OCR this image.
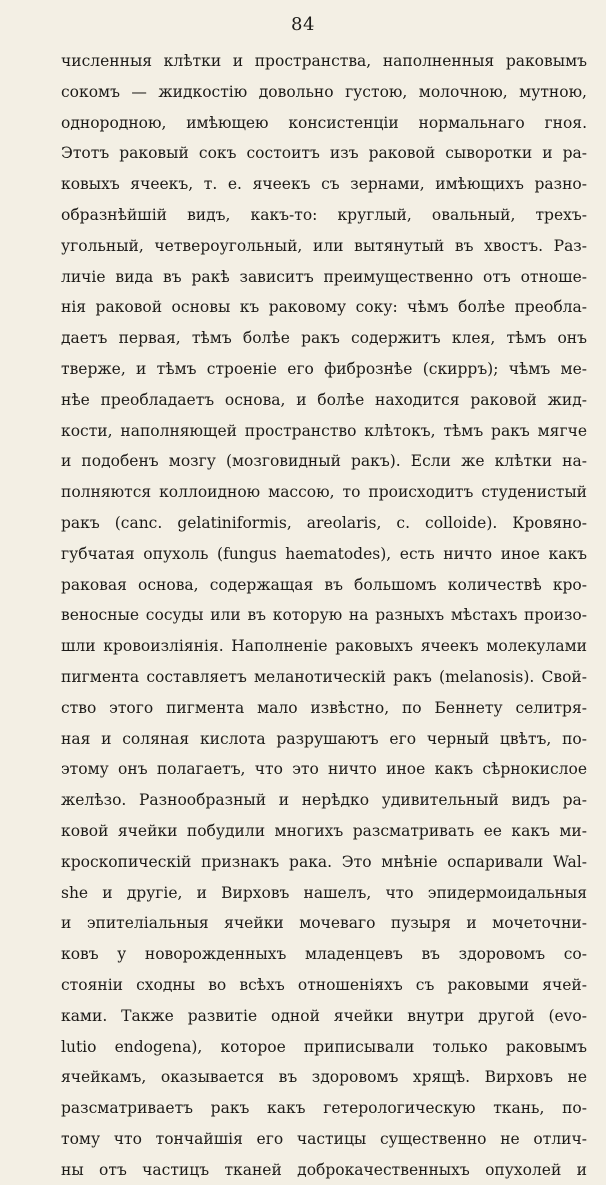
84
численныя клѣтки и пространства, наполненныя раковымъ
сокомъ — жидкостію довольно густою, молочною, мутною,
однородною, имѣющею консистенціи нормальнаго гноя.
Этотъ раковый сокъ состоитъ изъ раковой сыворотки и ра-
ковыхъ ячеекъ, т. е. ячеекъ съ зернами, имѣющихъ разно-
образнѣйшій видъ, какъ-то: круглый, овальный, трехъ-
угольный, четвероугольный, или вытянутый въ хвостъ. Раз-
личіе вида въ ракѣ зависитъ преимущественно отъ отноше-
нія раковой основы къ раковому соку: чѣмъ болѣе преобла-
даетъ первая, тѣмъ болѣе ракъ содержитъ клея, тѣмъ онъ
тверже, и тѣмъ строеніе его фибрознѣе (скирръ); чѣмъ ме-
нѣе преобладаетъ основа, и болѣе находится раковой жид-
кости, наполняющей пространство клѣтокъ, тѣмъ ракъ мягче
и подобенъ мозгу (мозговидный ракъ). Если же клѣтки на-
полняются коллоидною массою, то происходитъ студенистый
ракъ (canc. gelatiniformis, areolaris, c. colloide). Кровяно-
губчатая опухоль (fungus haematodes), есть ничто иное какъ
раковая основа, содержащая въ большомъ количествѣ кро-
веносные сосуды или въ которую на разныхъ мѣстахъ произо-
шли кровоизліянія. Наполненіе раковыхъ ячеекъ молекулами
пигмента составляетъ меланотическій ракъ (melanosis). Свой-
ство этого пигмента мало извѣстно, по Беннету селитря-
ная и соляная кислота разрушаютъ его черный цвѣтъ, по-
этому онъ полагаетъ, что это ничто иное какъ сѣрнокислое
желѣзо. Разнообразный и нерѣдко удивительный видъ ра-
ковой ячейки побудили многихъ разсматривать ее какъ ми-
кроскопическій признакъ рака. Это мнѣніе оспаривали Wal-
she и другіе, и Вирховъ нашелъ, что эпидермоидальныя
и эпителіальныя ячейки мочеваго пузыря и мочеточни-
ковъ у новорожденныхъ младенцевъ въ здоровомъ со-
стояніи сходны во всѣхъ отношеніяхъ съ раковыми ячей-
ками. Также развитіе одной ячейки внутри другой (evo-
lutio endogena), которое приписывали только раковымъ
ячейкамъ, оказывается въ здоровомъ хрящѣ. Вирховъ не
разсматриваетъ ракъ какъ гетерологическую ткань, по-
тому что тончайшія его частицы существенно не отлич-
ны отъ частицъ тканей доброкачественныхъ опухолей и
